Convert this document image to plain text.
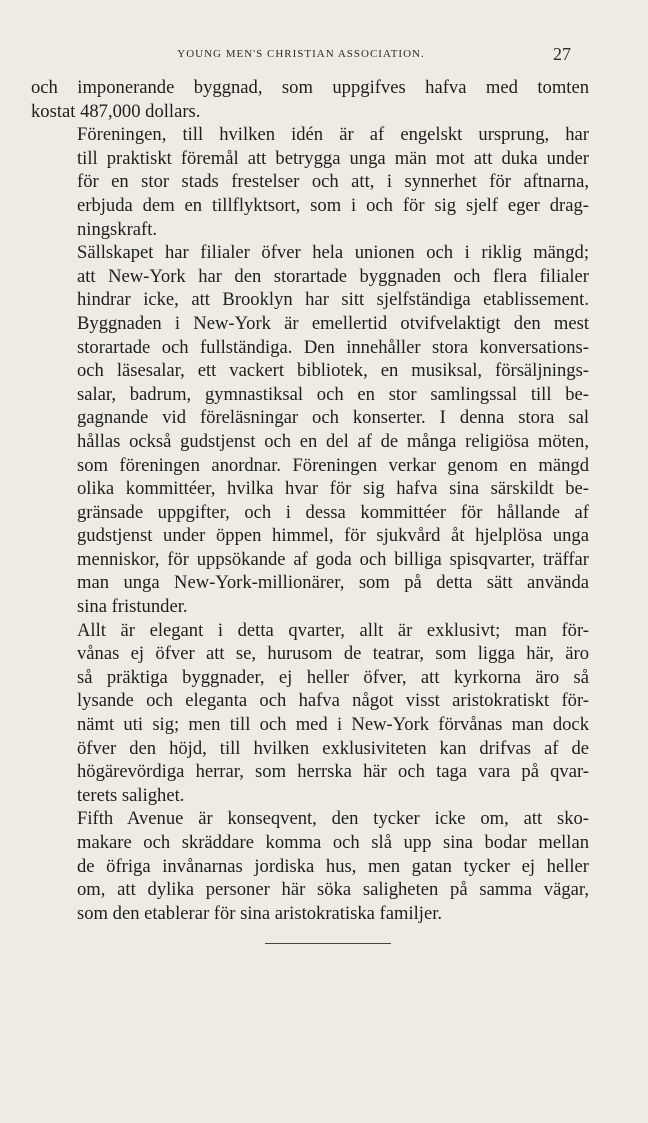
YOUNG MEN'S CHRISTIAN ASSOCIATION.	27

och imponerande byggnad, som uppgifves hafva med tomten
kostat 487,000 dollars.

Föreningen, till hvilken idén är af engelskt ursprung, har
till praktiskt föremål att betrygga unga män mot att duka under
för en stor stads frestelser och att, i synnerhet för aftnarna,
erbjuda dem en tillflyktsort, som i och för sig sjelf eger drag-
ningskraft.

Sällskapet har filialer öfver hela unionen och i riklig mängd;
att New-York har den storartade byggnaden och flera filialer
hindrar icke, att Brooklyn har sitt sjelfständiga etablissement.
Byggnaden i New-York är emellertid otvifvelaktigt den mest
storartade och fullständiga. Den innehåller stora konversations-
och läsesalar, ett vackert bibliotek, en musiksal, försäljnings-
salar, badrum, gymnastiksal och en stor samlingssal till be-
gagnande vid föreläsningar och konserter. I denna stora sal
hållas också gudstjenst och en del af de många religiösa möten,
som föreningen anordnar. Föreningen verkar genom en mängd
olika kommittéer, hvilka hvar för sig hafva sina särskildt be-
gränsade uppgifter, och i dessa kommittéer för hållande af
gudstjenst under öppen himmel, för sjukvård åt hjelplösa unga
menniskor, för uppsökande af goda och billiga spisqvarter, träffar
man unga New-York-millionärer, som på detta sätt använda
sina fristunder.

Allt är elegant i detta qvarter, allt är exklusivt; man för-
vånas ej öfver att se, hurusom de teatrar, som ligga här, äro
så präktiga byggnader, ej heller öfver, att kyrkorna äro så
lysande och eleganta och hafva något visst aristokratiskt för-
nämt uti sig; men till och med i New-York förvånas man dock
öfver den höjd, till hvilken exklusiviteten kan drifvas af de
högärevördiga herrar, som herrska här och taga vara på qvar-
terets salighet.

Fifth Avenue är konseqvent, den tycker icke om, att sko-
makare och skräddare komma och slå upp sina bodar mellan
de öfriga invånarnas jordiska hus, men gatan tycker ej heller
om, att dylika personer här söka saligheten på samma vägar,
som den etablerar för sina aristokratiska familjer.
